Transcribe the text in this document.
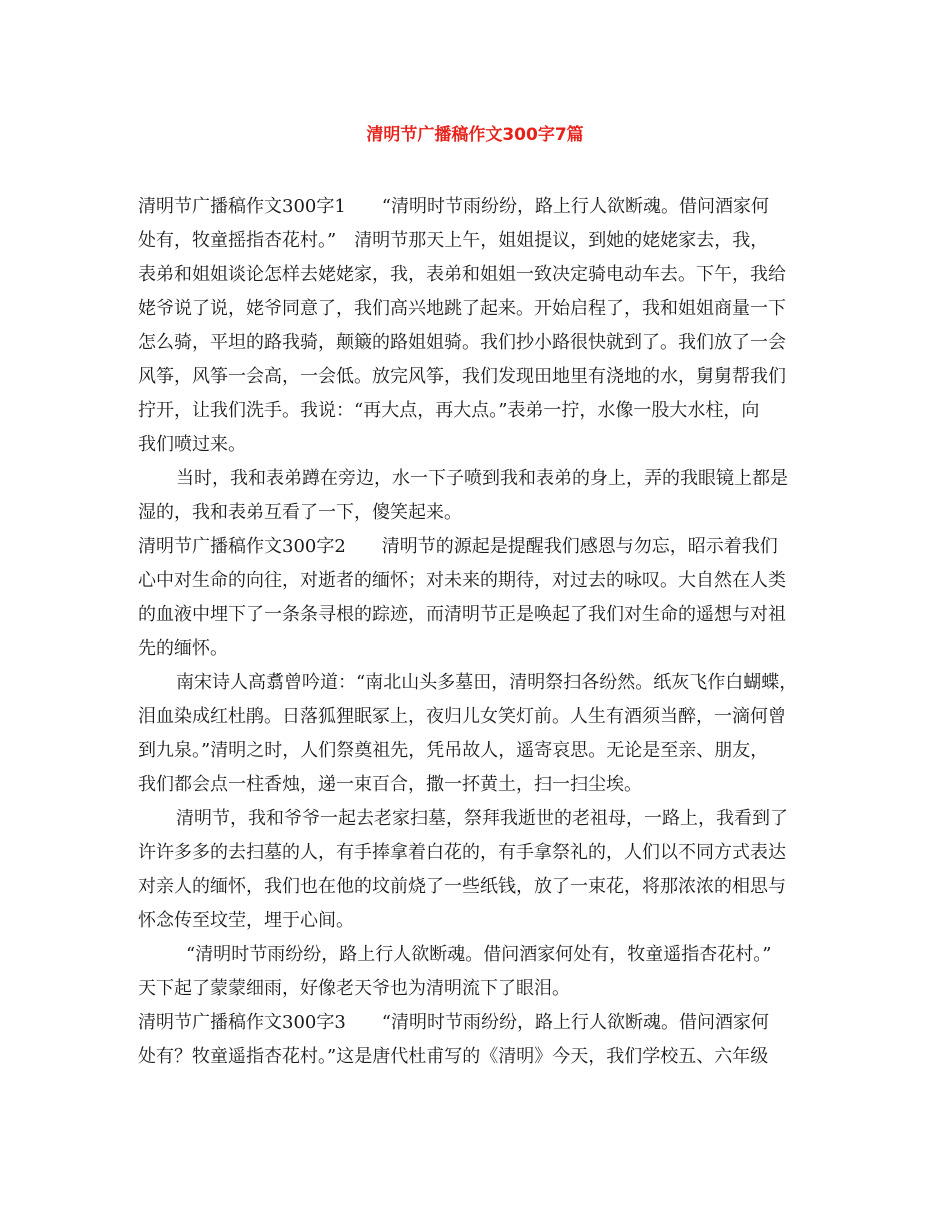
清明节广播稿作文300字7篇
清明节广播稿作文300字1　　“清明时节雨纷纷，路上行人欲断魂。借问酒家何
处有，牧童摇指杏花村。”　清明节那天上午，姐姐提议，到她的姥姥家去，我，
表弟和姐姐谈论怎样去姥姥家，我，表弟和姐姐一致决定骑电动车去。下午，我给
姥爷说了说，姥爷同意了，我们高兴地跳了起来。开始启程了，我和姐姐商量一下
怎么骑，平坦的路我骑，颠簸的路姐姐骑。我们抄小路很快就到了。我们放了一会
风筝，风筝一会高，一会低。放完风筝，我们发现田地里有浇地的水，舅舅帮我们
拧开，让我们洗手。我说：“再大点，再大点。”表弟一拧，水像一股大水柱，向
我们喷过来。
当时，我和表弟蹲在旁边，水一下子喷到我和表弟的身上，弄的我眼镜上都是
湿的，我和表弟互看了一下，傻笑起来。
清明节广播稿作文300字2　　清明节的源起是提醒我们感恩与勿忘，昭示着我们
心中对生命的向往，对逝者的缅怀；对未来的期待，对过去的咏叹。大自然在人类
的血液中埋下了一条条寻根的踪迹，而清明节正是唤起了我们对生命的遥想与对祖
先的缅怀。
南宋诗人高翥曾吟道：“南北山头多墓田，清明祭扫各纷然。纸灰飞作白蝴蝶，
泪血染成红杜鹃。日落狐狸眠冢上，夜归儿女笑灯前。人生有酒须当醉，一滴何曾
到九泉。”清明之时，人们祭奠祖先，凭吊故人，遥寄哀思。无论是至亲、朋友，
我们都会点一柱香烛，递一束百合，撒一抔黄土，扫一扫尘埃。
清明节，我和爷爷一起去老家扫墓，祭拜我逝世的老祖母，一路上，我看到了
许许多多的去扫墓的人，有手捧拿着白花的，有手拿祭礼的，人们以不同方式表达
对亲人的缅怀，我们也在他的坟前烧了一些纸钱，放了一束花，将那浓浓的相思与
怀念传至坟茔，埋于心间。
“清明时节雨纷纷，路上行人欲断魂。借问酒家何处有，牧童遥指杏花村。”
天下起了蒙蒙细雨，好像老天爷也为清明流下了眼泪。
清明节广播稿作文300字3　　“清明时节雨纷纷，路上行人欲断魂。借问酒家何
处有？牧童遥指杏花村。”这是唐代杜甫写的《清明》今天，我们学校五、六年级
